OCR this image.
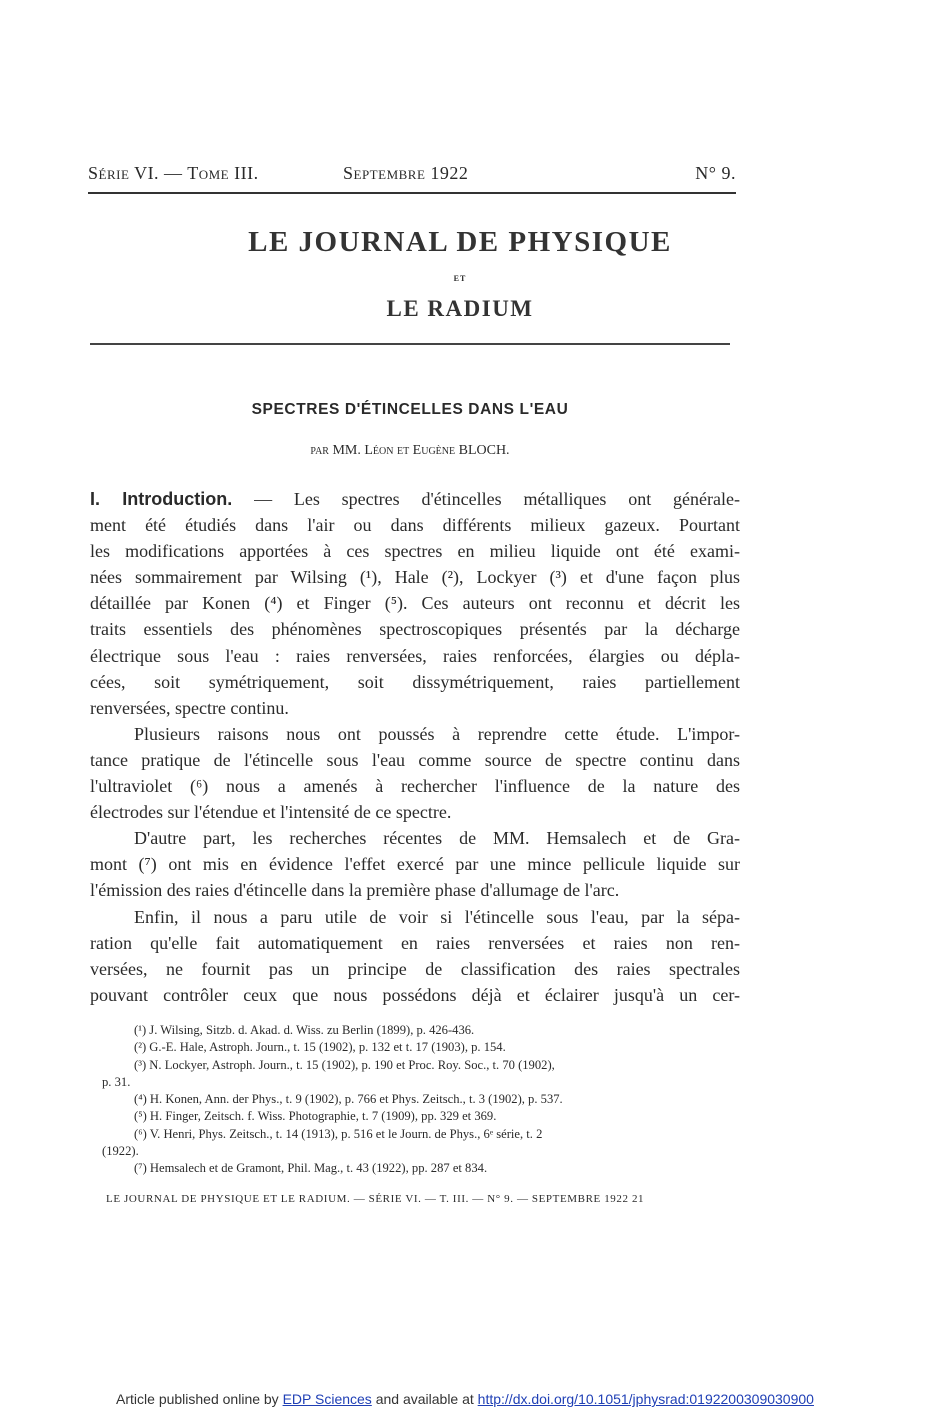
Série VI. — Tome III.	Septembre 1922	N° 9.
LE JOURNAL DE PHYSIQUE
ET
LE RADIUM
SPECTRES D'ÉTINCELLES DANS L'EAU
par MM. Léon et Eugène BLOCH.

I. Introduction. — Les spectres d'étincelles métalliques ont générale-
ment été étudiés dans l'air ou dans différents milieux gazeux. Pourtant
les modifications apportées à ces spectres en milieu liquide ont été exami-
nées sommairement par Wilsing (¹), Hale (²), Lockyer (³) et d'une façon plus
détaillée par Konen (⁴) et Finger (⁵). Ces auteurs ont reconnu et décrit les
traits essentiels des phénomènes spectroscopiques présentés par la décharge
électrique sous l'eau : raies renversées, raies renforcées, élargies ou dépla-
cées, soit symétriquement, soit dissymétriquement, raies partiellement
renversées, spectre continu.

Plusieurs raisons nous ont poussés à reprendre cette étude. L'impor-
tance pratique de l'étincelle sous l'eau comme source de spectre continu dans
l'ultraviolet (⁶) nous a amenés à rechercher l'influence de la nature des
électrodes sur l'étendue et l'intensité de ce spectre.

D'autre part, les recherches récentes de MM. Hemsalech et de Gra-
mont (⁷) ont mis en évidence l'effet exercé par une mince pellicule liquide sur
l'émission des raies d'étincelle dans la première phase d'allumage de l'arc.

Enfin, il nous a paru utile de voir si l'étincelle sous l'eau, par la sépa-
ration qu'elle fait automatiquement en raies renversées et raies non ren-
versées, ne fournit pas un principe de classification des raies spectrales
pouvant contrôler ceux que nous possédons déjà et éclairer jusqu'à un cer-

(¹) J. Wilsing, Sitzb. d. Akad. d. Wiss. zu Berlin (1899), p. 426-436.
(²) G.-E. Hale, Astroph. Journ., t. 15 (1902), p. 132 et t. 17 (1903), p. 154.
(³) N. Lockyer, Astroph. Journ., t. 15 (1902), p. 190 et Proc. Roy. Soc., t. 70 (1902),
p. 31.
(⁴) H. Konen, Ann. der Phys., t. 9 (1902), p. 766 et Phys. Zeitsch., t. 3 (1902), p. 537.
(⁵) H. Finger, Zeitsch. f. Wiss. Photographie, t. 7 (1909), pp. 329 et 369.
(⁶) V. Henri, Phys. Zeitsch., t. 14 (1913), p. 516 et le Journ. de Phys., 6ᵉ série, t. 2
(1922).
(⁷) Hemsalech et de Gramont, Phil. Mag., t. 43 (1922), pp. 287 et 834.
LE JOURNAL DE PHYSIQUE ET LE RADIUM. — SÉRIE VI. — T. III. — N° 9. — SEPTEMBRE 1922 21
Article published online by EDP Sciences and available at http://dx.doi.org/10.1051/jphysrad:0192200309030900
